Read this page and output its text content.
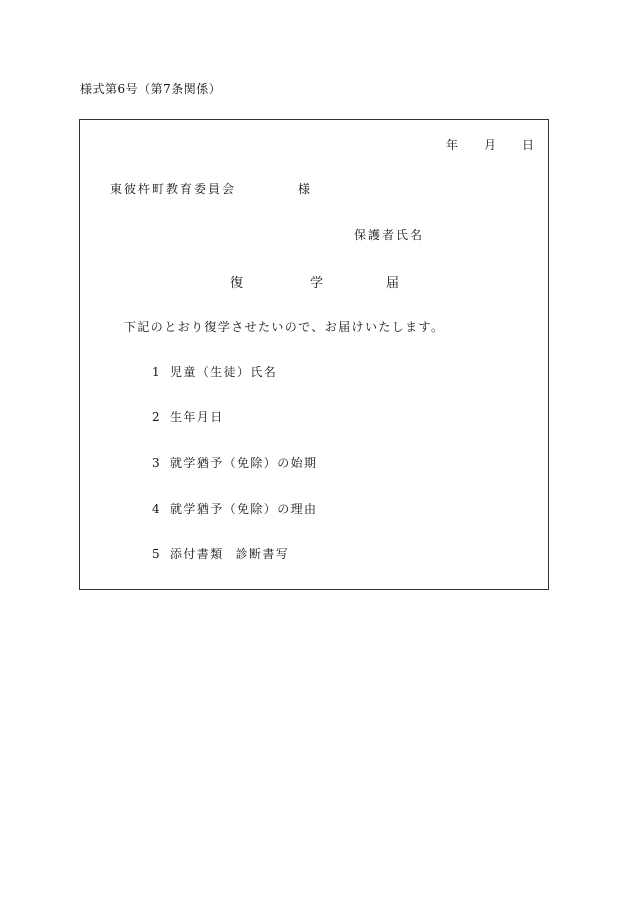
様式第6号（第7条関係）
年 月 日
東彼杵町教育委員会	様
保護者氏名
復	学	届
下記のとおり復学させたいので、お届けいたします。
1 児童（生徒）氏名
2 生年月日
3 就学猶予（免除）の始期
4 就学猶予（免除）の理由
5 添付書類 診断書写
